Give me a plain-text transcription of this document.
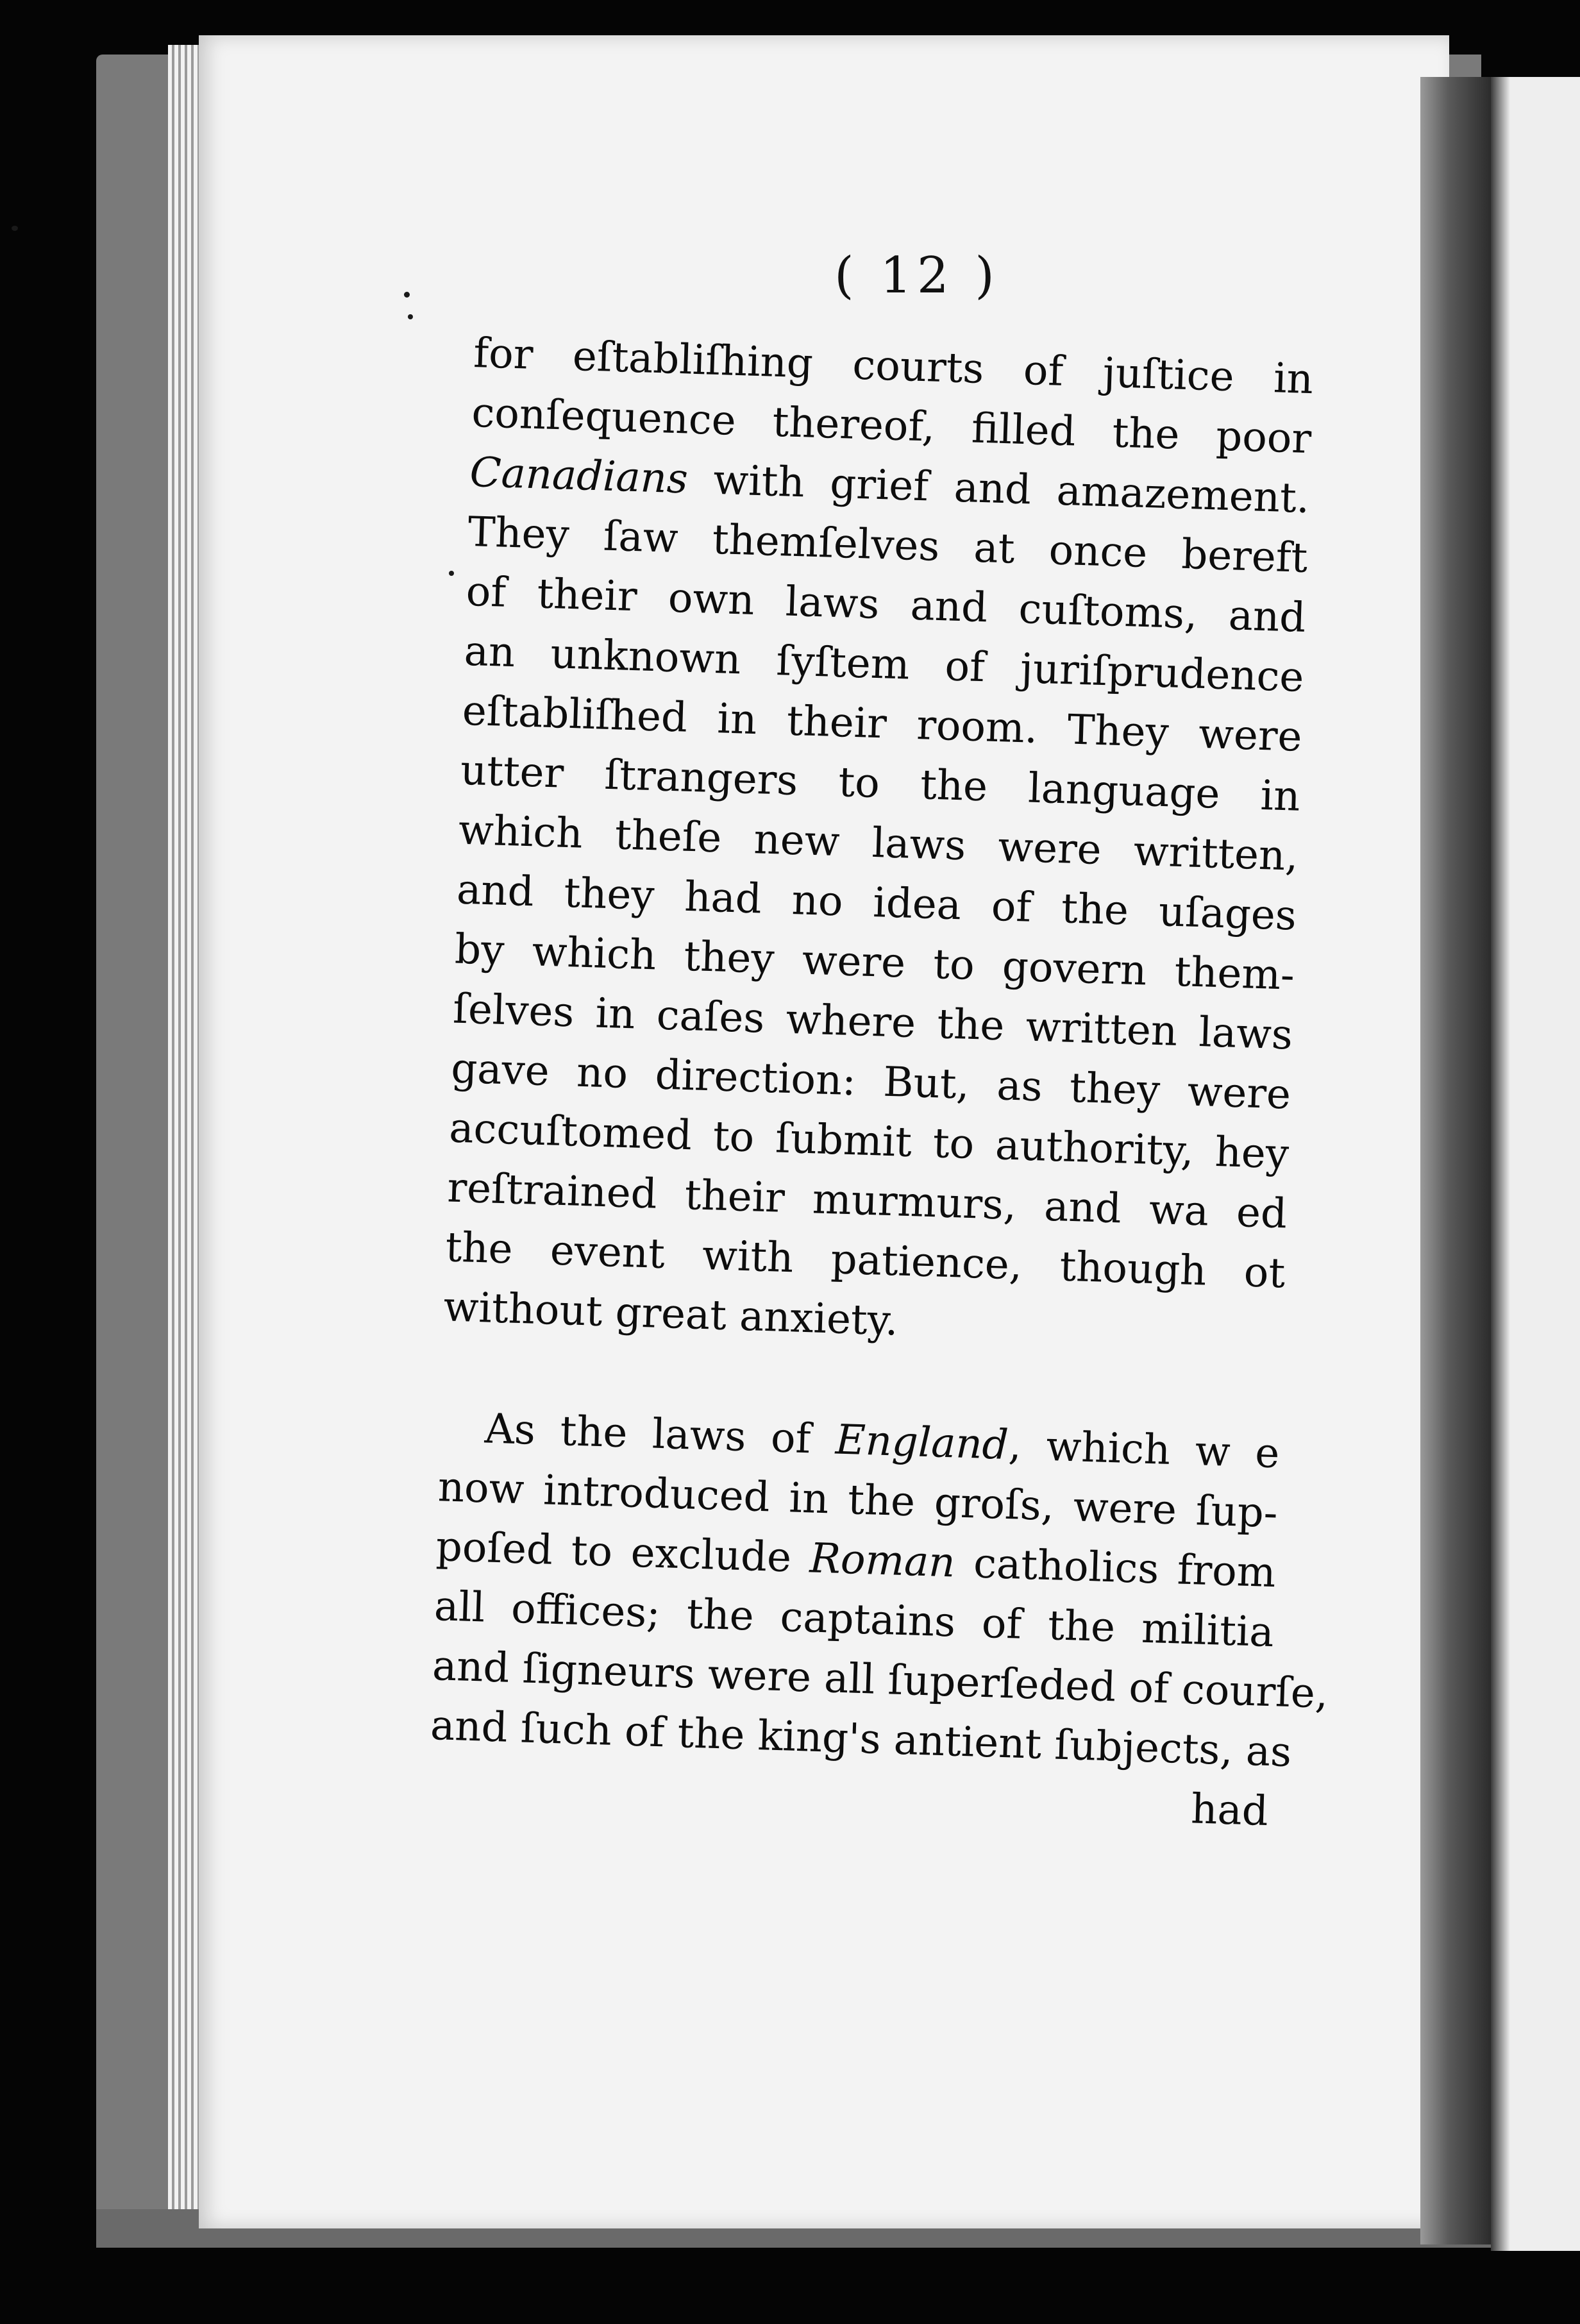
( 12 )
for eſtabliſhing courts of juſtice in
conſequence thereof, filled the poor
Canadians with grief and amazement.
They ſaw themſelves at once bereft
of their own laws and cuſtoms, and
an unknown ſyſtem of juriſprudence
eſtabliſhed in their room. They were
utter ſtrangers to the language in
which theſe new laws were written,
and they had no idea of the uſages
by which they were to govern them-
ſelves in caſes where the written laws
gave no direction: But, as they were
accuſtomed to ſubmit to authority, hey
reſtrained their murmurs, and wa ed
the event with patience, though ot
without great anxiety.
As the laws of England, which w e
now introduced in the groſs, were ſup-
poſed to exclude Roman catholics from
all offices; the captains of the militia
and ſigneurs were all ſuperſeded of courſe,
and ſuch of the king's antient ſubjects, as
had
